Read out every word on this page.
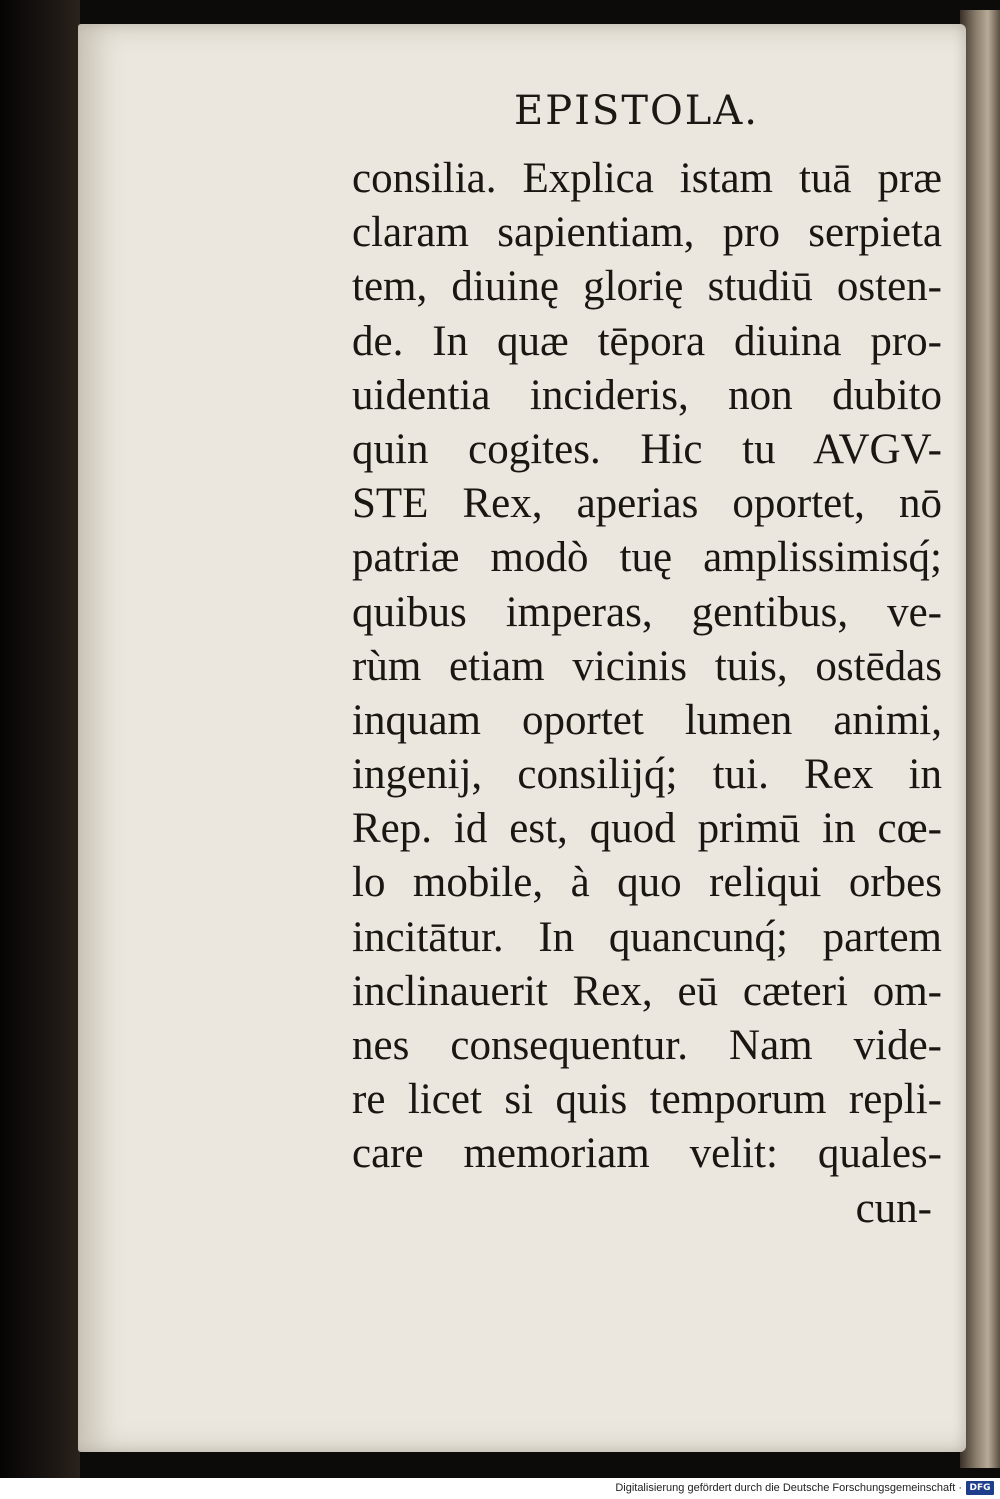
EPISTOLA.
consilia. Explica istam tuā præ
claram sapientiam, pro serpieta
tem, diuinę glorię studiū osten-
de. In quæ tēpora diuina pro-
uidentia incideris, non dubito
quin cogites. Hic tu AVGV-
STE Rex, aperias oportet, nō
patriæ modò tuę amplissimisq́;
quibus imperas, gentibus, ve-
rùm etiam vicinis tuis, ostēdas
inquam oportet lumen animi,
ingenij, consilijq́; tui. Rex in
Rep. id est, quod primū in cœ-
lo mobile, à quo reliqui orbes
incitātur. In quancunq́; partem
inclinauerit Rex, eū cæteri om-
nes consequentur. Nam vide-
re licet si quis temporum repli-
care memoriam velit: quales-
cun-
Digitalisierung gefördert durch die Deutsche Forschungsgemeinschaft · DFG
